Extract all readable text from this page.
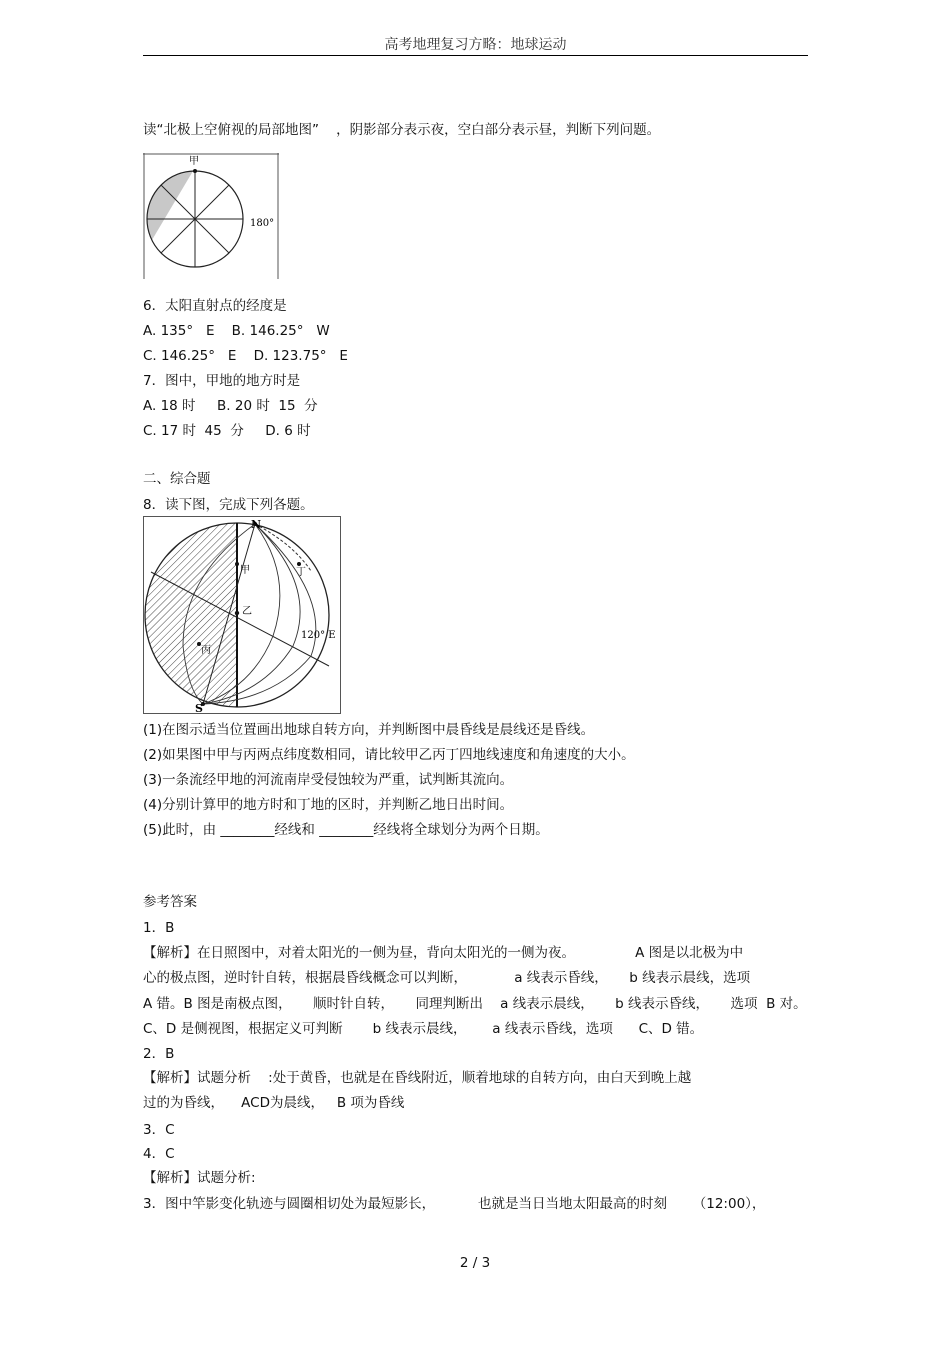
高考地理复习方略：地球运动
读“北极上空俯视的局部地图”    ，阴影部分表示夜，空白部分表示昼，判断下列问题。
甲
180°
6．太阳直射点的经度是
A. 135°   E    B. 146.25°   W
C. 146.25°   E    D. 123.75°   E
7．图中，甲地的地方时是
A. 18 时     B. 20 时  15  分
C. 17 时  45  分     D. 6 时
二、综合题
8．读下图，完成下列各题。
N
S
甲
乙
丙
丁
120° E
(1)在图示适当位置画出地球自转方向，并判断图中晨昏线是晨线还是昏线。
(2)如果图中甲与丙两点纬度数相同，请比较甲乙丙丁四地线速度和角速度的大小。
(3)一条流经甲地的河流南岸受侵蚀较为严重，试判断其流向。
(4)分别计算甲的地方时和丁地的区时，并判断乙地日出时间。
(5)此时，由 ________经线和 ________经线将全球划分为两个日期。
参考答案
1．B
【解析】在日照图中，对着太阳光的一侧为昼，背向太阳光的一侧为夜。              A 图是以北极为中
心的极点图，逆时针自转，根据晨昏线概念可以判断，           a 线表示昏线，     b 线表示晨线，选项
A 错。B 图是南极点图，     顺时针自转，     同理判断出    a 线表示晨线，     b 线表示昏线，     选项  B 对。
C、D 是侧视图，根据定义可判断       b 线表示晨线，      a 线表示昏线，选项      C、D 错。
2．B
【解析】试题分析    :处于黄昏，也就是在昏线附近，顺着地球的自转方向，由白天到晚上越
过的为昏线，    ACD为晨线，   B 项为昏线
3．C
4．C
【解析】试题分析:
3．图中竿影变化轨迹与圆圈相切处为最短影长，          也就是当日当地太阳最高的时刻      （12:00），
2 / 3
